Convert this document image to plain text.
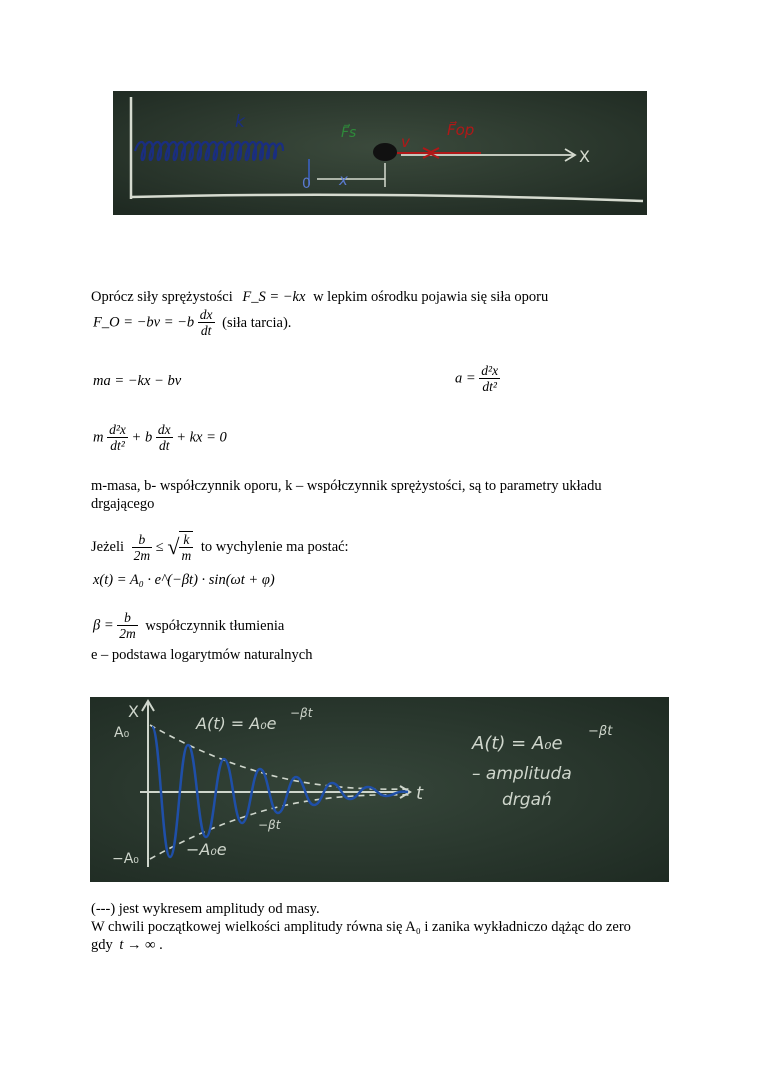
k
F⃗s	v
F⃗op
X
0 x
Oprócz siły sprężystości F_S = −kx w lepkim ośrodku pojawia się siła oporu
F_O = $-bv = -b \frac{dx}{dt}$ (siła tarcia).
ma = −kx − bv	$a = \frac{\text{d²x}}{\text{dt²}}$
m $\frac{\text{d²x}}{\text{dt²}} + b \frac{dx}{dt}$ + kx = 0
m-masa, b- współczynnik oporu, k – współczynnik sprężystości, są to parametry układu
drgającego
Jeżeli $\frac{b}{2m}$ ≤ √ $\frac{k}{m}$ to wychylenie ma postać:
x(t) = A₀ · e^(−βt) · sin(ωt + φ)
$\beta = \frac{b}{2m}$ współczynnik tłumienia
e – podstawa logarytmów naturalnych
X
A₀	A(t) = A₀e
−βt
t
−A₀e
−βt
−A₀
A(t) = A₀e
−βt
– amplituda
drgań
(---) jest wykresem amplitudy od masy.
W chwili początkowej wielkości amplitudy równa się A₀ i zanika wykładniczo dążąc do zero
gdy t → ∞ .
